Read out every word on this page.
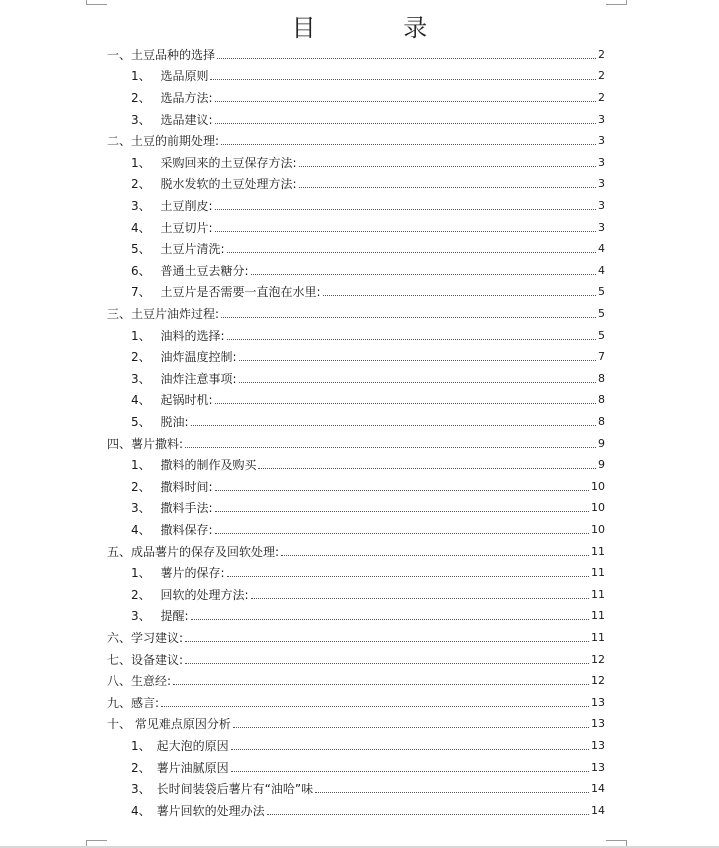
目 录
一、 土豆品种的选择	2
1、 选品原则	2
2、 选品方法:	2
3、 选品建议:	3
二、 土豆的前期处理:	3
1、 采购回来的土豆保存方法:	3
2、 脱水发软的土豆处理方法:	3
3、 土豆削皮:	3
4、 土豆切片:	3
5、 土豆片清洗:	4
6、 普通土豆去糖分:	4
7、 土豆片是否需要一直泡在水里:	5
三、 土豆片油炸过程:	5
1、 油料的选择:	5
2、 油炸温度控制:	7
3、 油炸注意事项:	8
4、 起锅时机:	8
5、 脱油:	8
四、 薯片撒料:	9
1、 撒料的制作及购买	9
2、 撒料时间:	10
3、 撒料手法:	10
4、 撒料保存:	10
五、 成品薯片的保存及回软处理:	11
1、 薯片的保存:	11
2、 回软的处理方法:	11
3、 提醒:	11
六、 学习建议:	11
七、 设备建议:	12
八、 生意经:	12
九、 感言:	13
十、 常见难点原因分析	13
1、 起大泡的原因	13
2、 薯片油腻原因	13
3、 长时间装袋后薯片有“油哈”味	14
4、 薯片回软的处理办法	14
